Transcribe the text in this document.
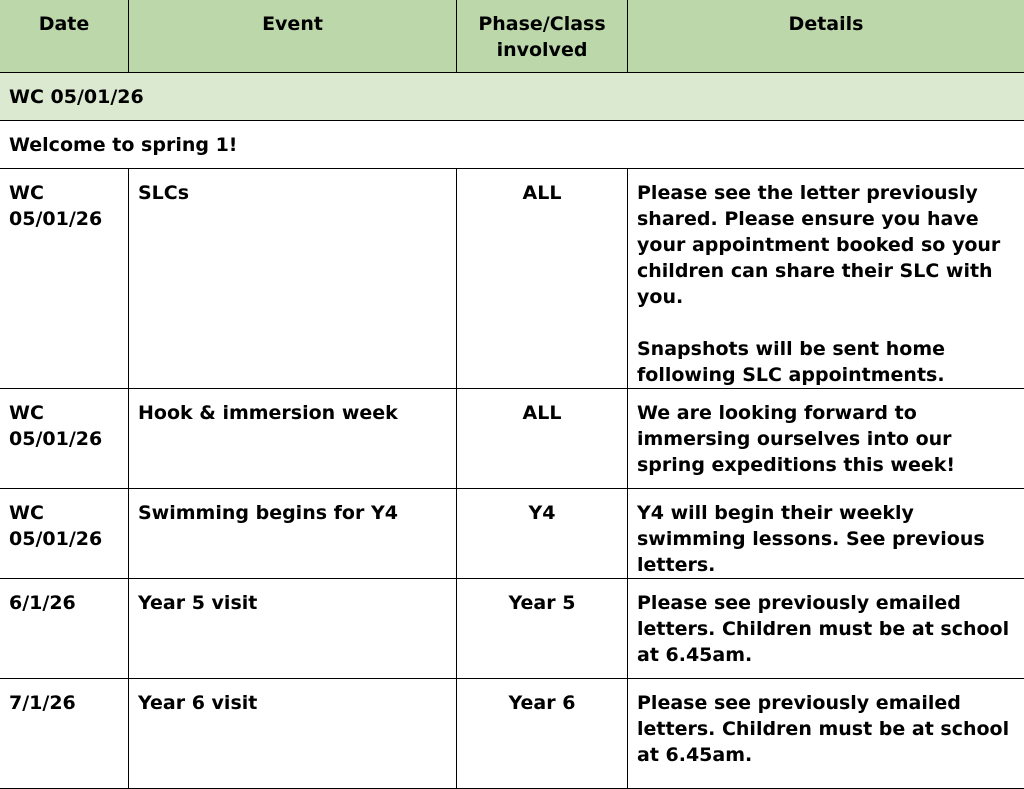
Date	Event	Phase/Class involved	Details
WC 05/01/26			
Welcome to spring 1!			
WC 05/01/26	SLCs	ALL	Please see the letter previously shared. Please ensure you have your appointment booked so your children can share their SLC with you.

Snapshots will be sent home following SLC appointments.
WC 05/01/26	Hook & immersion week	ALL	We are looking forward to immersing ourselves into our spring expeditions this week!
WC 05/01/26	Swimming begins for Y4	Y4	Y4 will begin their weekly swimming lessons. See previous letters.
6/1/26	Year 5 visit	Year 5	Please see previously emailed letters. Children must be at school at 6.45am.
7/1/26	Year 6 visit	Year 6	Please see previously emailed letters. Children must be at school at 6.45am.
